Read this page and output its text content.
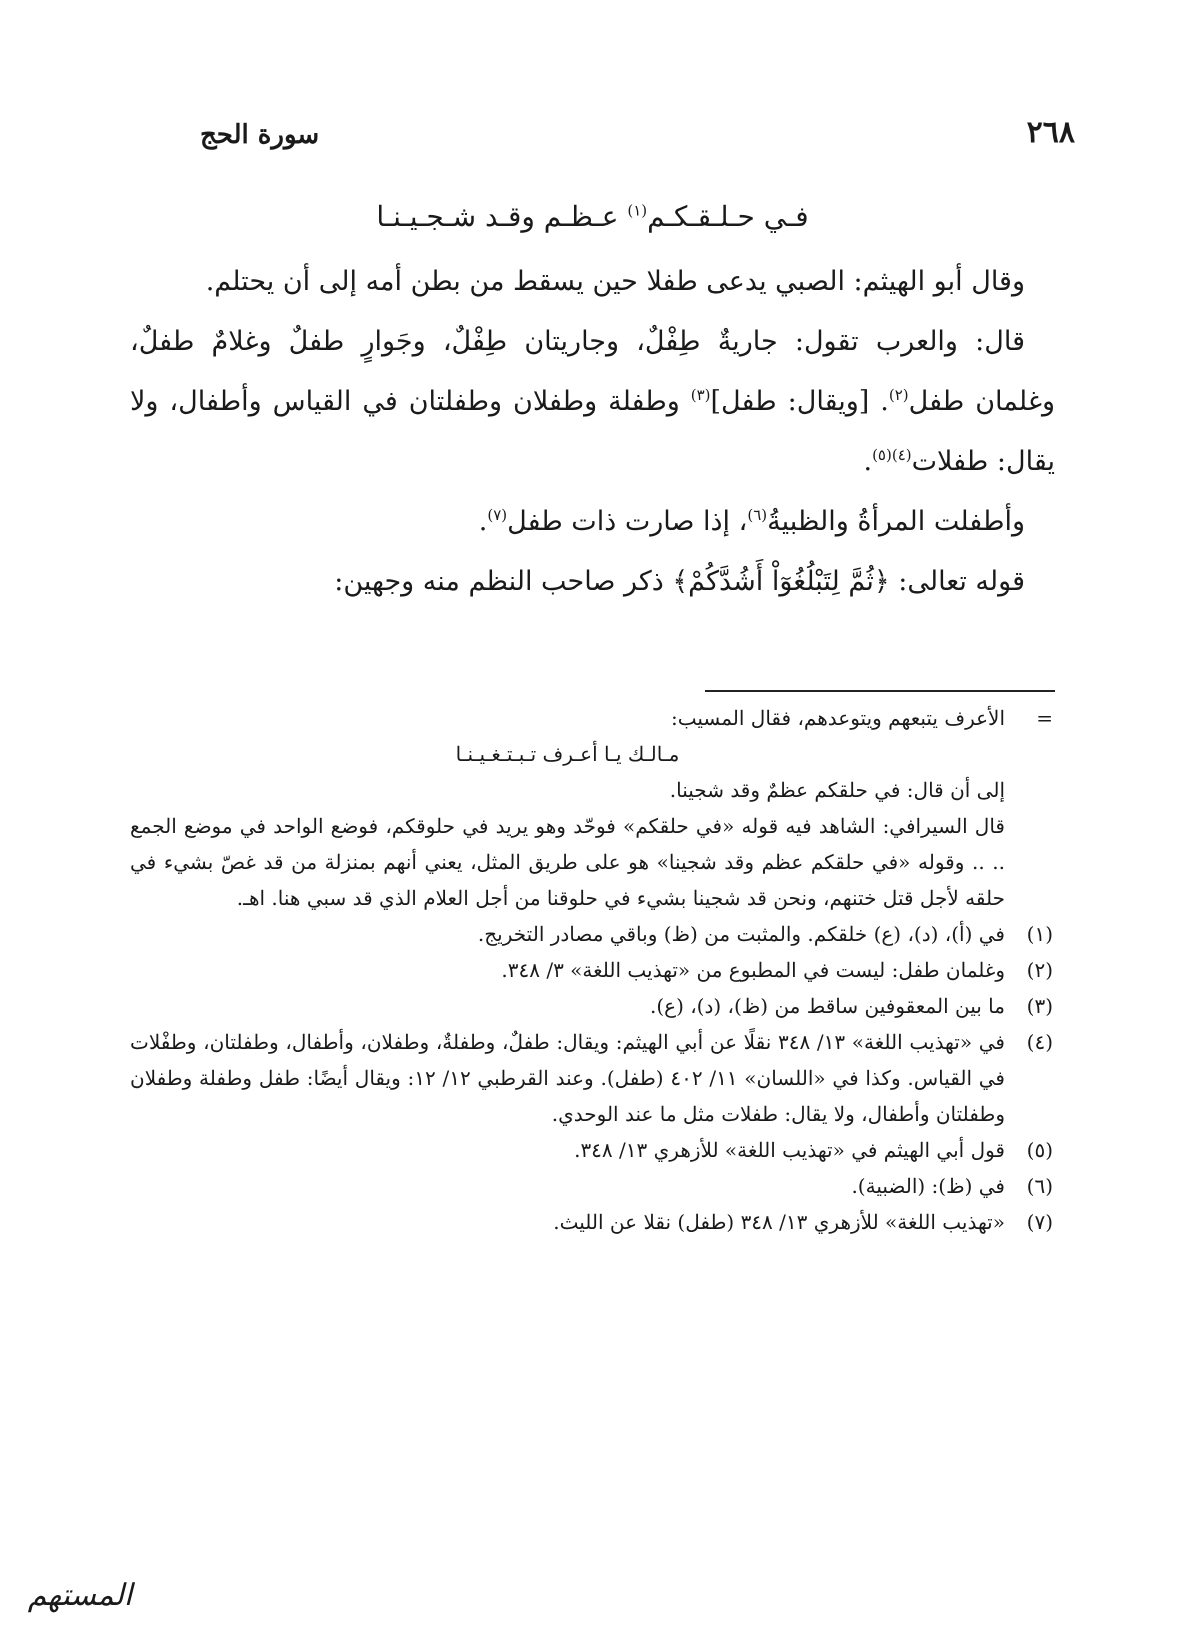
٢٦٨
سورة الحج

فـي حـلـقـكـم$^{(١)}$ عـظـم وقـد شـجـيـنـا

وقال أبو الهيثم: الصبي يدعى طفلا حين يسقط من بطن أمه إلى أن يحتلم.

قال: والعرب تقول: جاريةٌ طِفْلٌ، وجاريتان طِفْلٌ، وجَوارٍ طفلٌ وغلامٌ طفلٌ، وغلمان طفل$^{(٢)}$. [ويقال: طفل]$^{(٣)}$ وطفلة وطفلان وطفلتان في القياس وأطفال، ولا يقال: طفلات$^{(٤)(٥)}$.

وأطفلت المرأةُ والظبيةُ$^{(٦)}$، إذا صارت ذات طفل$^{(٧)}$.

قوله تعالى: ﴿ثُمَّ لِتَبْلُغُوٓاْ أَشُدَّكُمْ﴾ ذكر صاحب النظم منه وجهين:

=
الأعرف يتبعهم ويتوعدهم، فقال المسيب:

مـالـك يـا أعـرف تـبـتـغـيـنـا

إلى أن قال: في حلقكم عظمٌ وقد شجينا.

قال السيرافي: الشاهد فيه قوله «في حلقكم» فوحّد وهو يريد في حلوقكم، فوضع الواحد في موضع الجمع .. .. وقوله «في حلقكم عظم وقد شجينا» هو على طريق المثل، يعني أنهم بمنزلة من قد غصّ بشيء في حلقه لأجل قتل ختنهم، ونحن قد شجينا بشيء في حلوقنا من أجل العلام الذي قد سبي هنا. اهـ.

(١)
في (أ)، (د)، (ع) خلقكم. والمثبت من (ظ) وباقي مصادر التخريج.

(٢)
وغلمان طفل: ليست في المطبوع من «تهذيب اللغة» ٣/ ٣٤٨.

(٣)
ما بين المعقوفين ساقط من (ظ)، (د)، (ع).

(٤)
في «تهذيب اللغة» ١٣/ ٣٤٨ نقلًا عن أبي الهيثم: ويقال: طفلٌ، وطفلةٌ، وطفلان، وأطفال، وطفلتان، وطفْلات في القياس. وكذا في «اللسان» ١١/ ٤٠٢ (طفل). وعند القرطبي ١٢/ ١٢: ويقال أيضًا: طفل وطفلة وطفلان وطفلتان وأطفال، ولا يقال: طفلات مثل ما عند الوحدي.

(٥)
قول أبي الهيثم في «تهذيب اللغة» للأزهري ١٣/ ٣٤٨.

(٦)
في (ظ): (الضبية).

(٧)
«تهذيب اللغة» للأزهري ١٣/ ٣٤٨ (طفل) نقلا عن الليث.

المستهم
